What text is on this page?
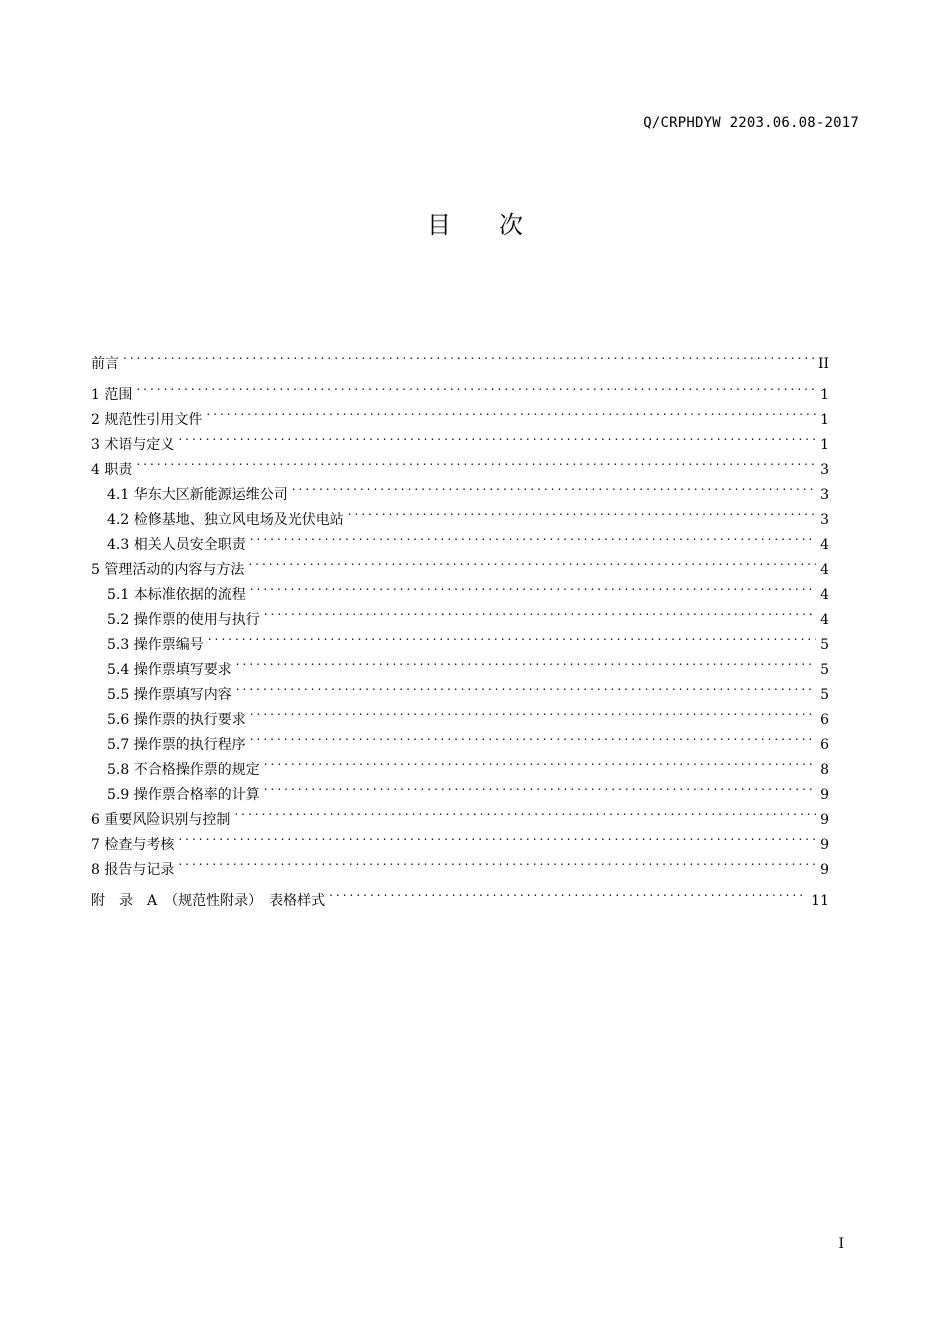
Q/CRPHDYW 2203.06.08-2017
目 次
前言 .....	II
1 范围 .....	1
2 规范性引用文件 .....	1
3 术语与定义 .....	1
4 职责 .....	3
4.1 华东大区新能源运维公司 .....	3
4.2 检修基地、独立风电场及光伏电站 .....	3
4.3 相关人员安全职责 .....	4
5 管理活动的内容与方法 .....	4
5.1 本标准依据的流程 .....	4
5.2 操作票的使用与执行 .....	4
5.3 操作票编号 .....	5
5.4 操作票填写要求 .....	5
5.5 操作票填写内容 .....	5
5.6 操作票的执行要求 .....	6
5.7 操作票的执行程序 .....	6
5.8 不合格操作票的规定 .....	8
5.9 操作票合格率的计算 .....	9
6 重要风险识别与控制 .....	9
7 检查与考核 .....	9
8 报告与记录 .....	9
附　录　A　（规范性附录）　表格样式 .....	11
I
